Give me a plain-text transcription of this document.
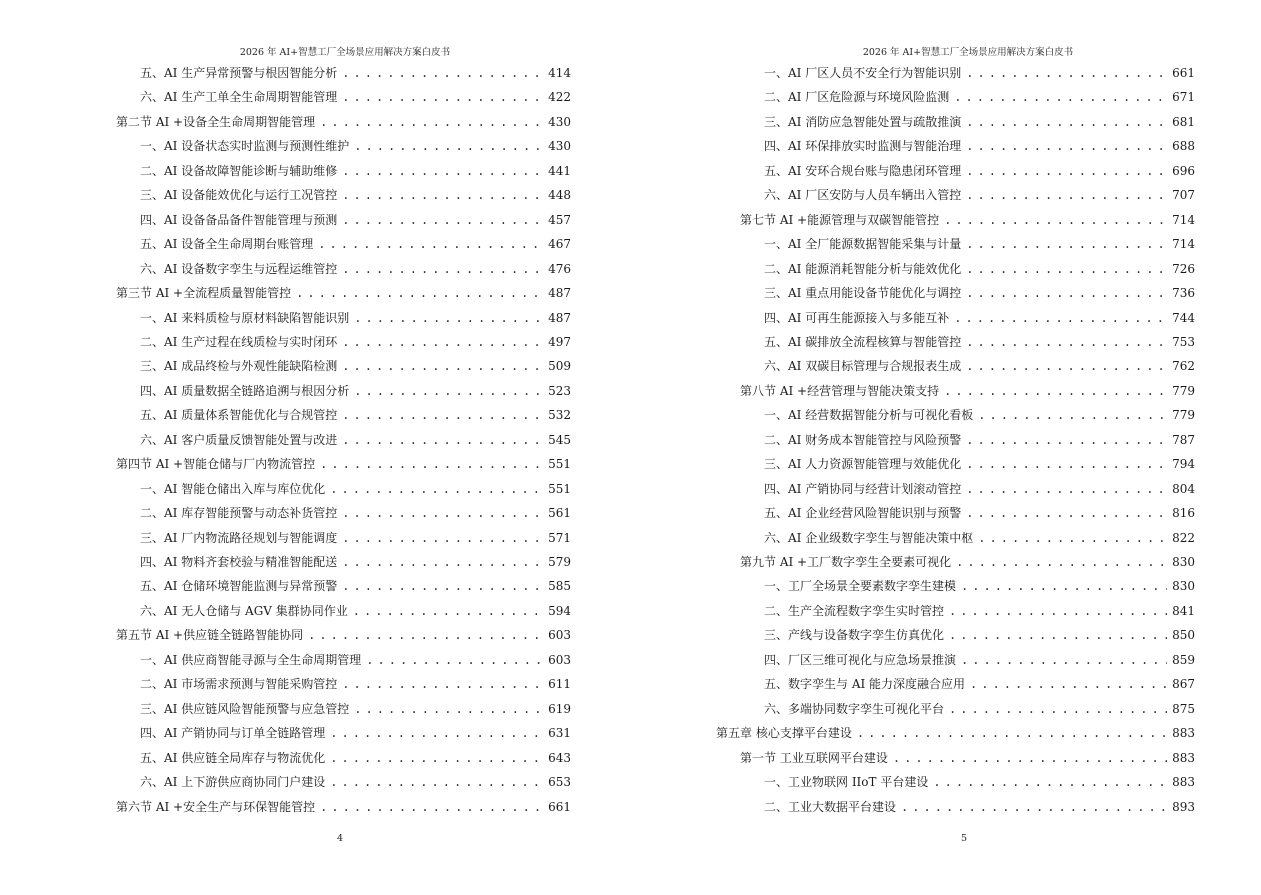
2026 年 AI+智慧工厂全场景应用解决方案白皮书
五、AI 生产异常预警与根因智能分析 . . .	414
六、AI 生产工单全生命周期智能管理 . . .	422
第二节 AI +设备全生命周期智能管理 . . .	430
一、AI 设备状态实时监测与预测性维护 . . .	430
二、AI 设备故障智能诊断与辅助维修 . . .	441
三、AI 设备能效优化与运行工况管控 . . .	448
四、AI 设备备品备件智能管理与预测 . . .	457
五、AI 设备全生命周期台账管理 . . .	467
六、AI 设备数字孪生与远程运维管控 . . .	476
第三节 AI +全流程质量智能管控 . . .	487
一、AI 来料质检与原材料缺陷智能识别 . . .	487
二、AI 生产过程在线质检与实时闭环 . . .	497
三、AI 成品终检与外观性能缺陷检测 . . .	509
四、AI 质量数据全链路追溯与根因分析 . . .	523
五、AI 质量体系智能优化与合规管控 . . .	532
六、AI 客户质量反馈智能处置与改进 . . .	545
第四节 AI +智能仓储与厂内物流管控 . . .	551
一、AI 智能仓储出入库与库位优化 . . .	551
二、AI 库存智能预警与动态补货管控 . . .	561
三、AI 厂内物流路径规划与智能调度 . . .	571
四、AI 物料齐套校验与精准智能配送 . . .	579
五、AI 仓储环境智能监测与异常预警 . . .	585
六、AI 无人仓储与 AGV 集群协同作业 . . .	594
第五节 AI +供应链全链路智能协同 . . .	603
一、AI 供应商智能寻源与全生命周期管理 . . .	603
二、AI 市场需求预测与智能采购管控 . . .	611
三、AI 供应链风险智能预警与应急管控 . . .	619
四、AI 产销协同与订单全链路管理 . . .	631
五、AI 供应链全局库存与物流优化 . . .	643
六、AI 上下游供应商协同门户建设 . . .	653
第六节 AI +安全生产与环保智能管控 . . .	661
4
2026 年 AI+智慧工厂全场景应用解决方案白皮书
一、AI 厂区人员不安全行为智能识别 . . .	661
二、AI 厂区危险源与环境风险监测 . . .	671
三、AI 消防应急智能处置与疏散推演 . . .	681
四、AI 环保排放实时监测与智能治理 . . .	688
五、AI 安环合规台账与隐患闭环管理 . . .	696
六、AI 厂区安防与人员车辆出入管控 . . .	707
第七节 AI +能源管理与双碳智能管控 . . .	714
一、AI 全厂能源数据智能采集与计量 . . .	714
二、AI 能源消耗智能分析与能效优化 . . .	726
三、AI 重点用能设备节能优化与调控 . . .	736
四、AI 可再生能源接入与多能互补 . . .	744
五、AI 碳排放全流程核算与智能管控 . . .	753
六、AI 双碳目标管理与合规报表生成 . . .	762
第八节 AI +经营管理与智能决策支持 . . .	779
一、AI 经营数据智能分析与可视化看板 . . .	779
二、AI 财务成本智能管控与风险预警 . . .	787
三、AI 人力资源智能管理与效能优化 . . .	794
四、AI 产销协同与经营计划滚动管控 . . .	804
五、AI 企业经营风险智能识别与预警 . . .	816
六、AI 企业级数字孪生与智能决策中枢 . . .	822
第九节 AI +工厂数字孪生全要素可视化 . . .	830
一、工厂全场景全要素数字孪生建模 . . .	830
二、生产全流程数字孪生实时管控 . . .	841
三、产线与设备数字孪生仿真优化 . . .	850
四、厂区三维可视化与应急场景推演 . . .	859
五、数字孪生与 AI 能力深度融合应用 . . .	867
六、多端协同数字孪生可视化平台 . . .	875
第五章 核心支撑平台建设 . . .	883
第一节 工业互联网平台建设 . . .	883
一、工业物联网 IIoT 平台建设 . . .	883
二、工业大数据平台建设 . . .	893
5
